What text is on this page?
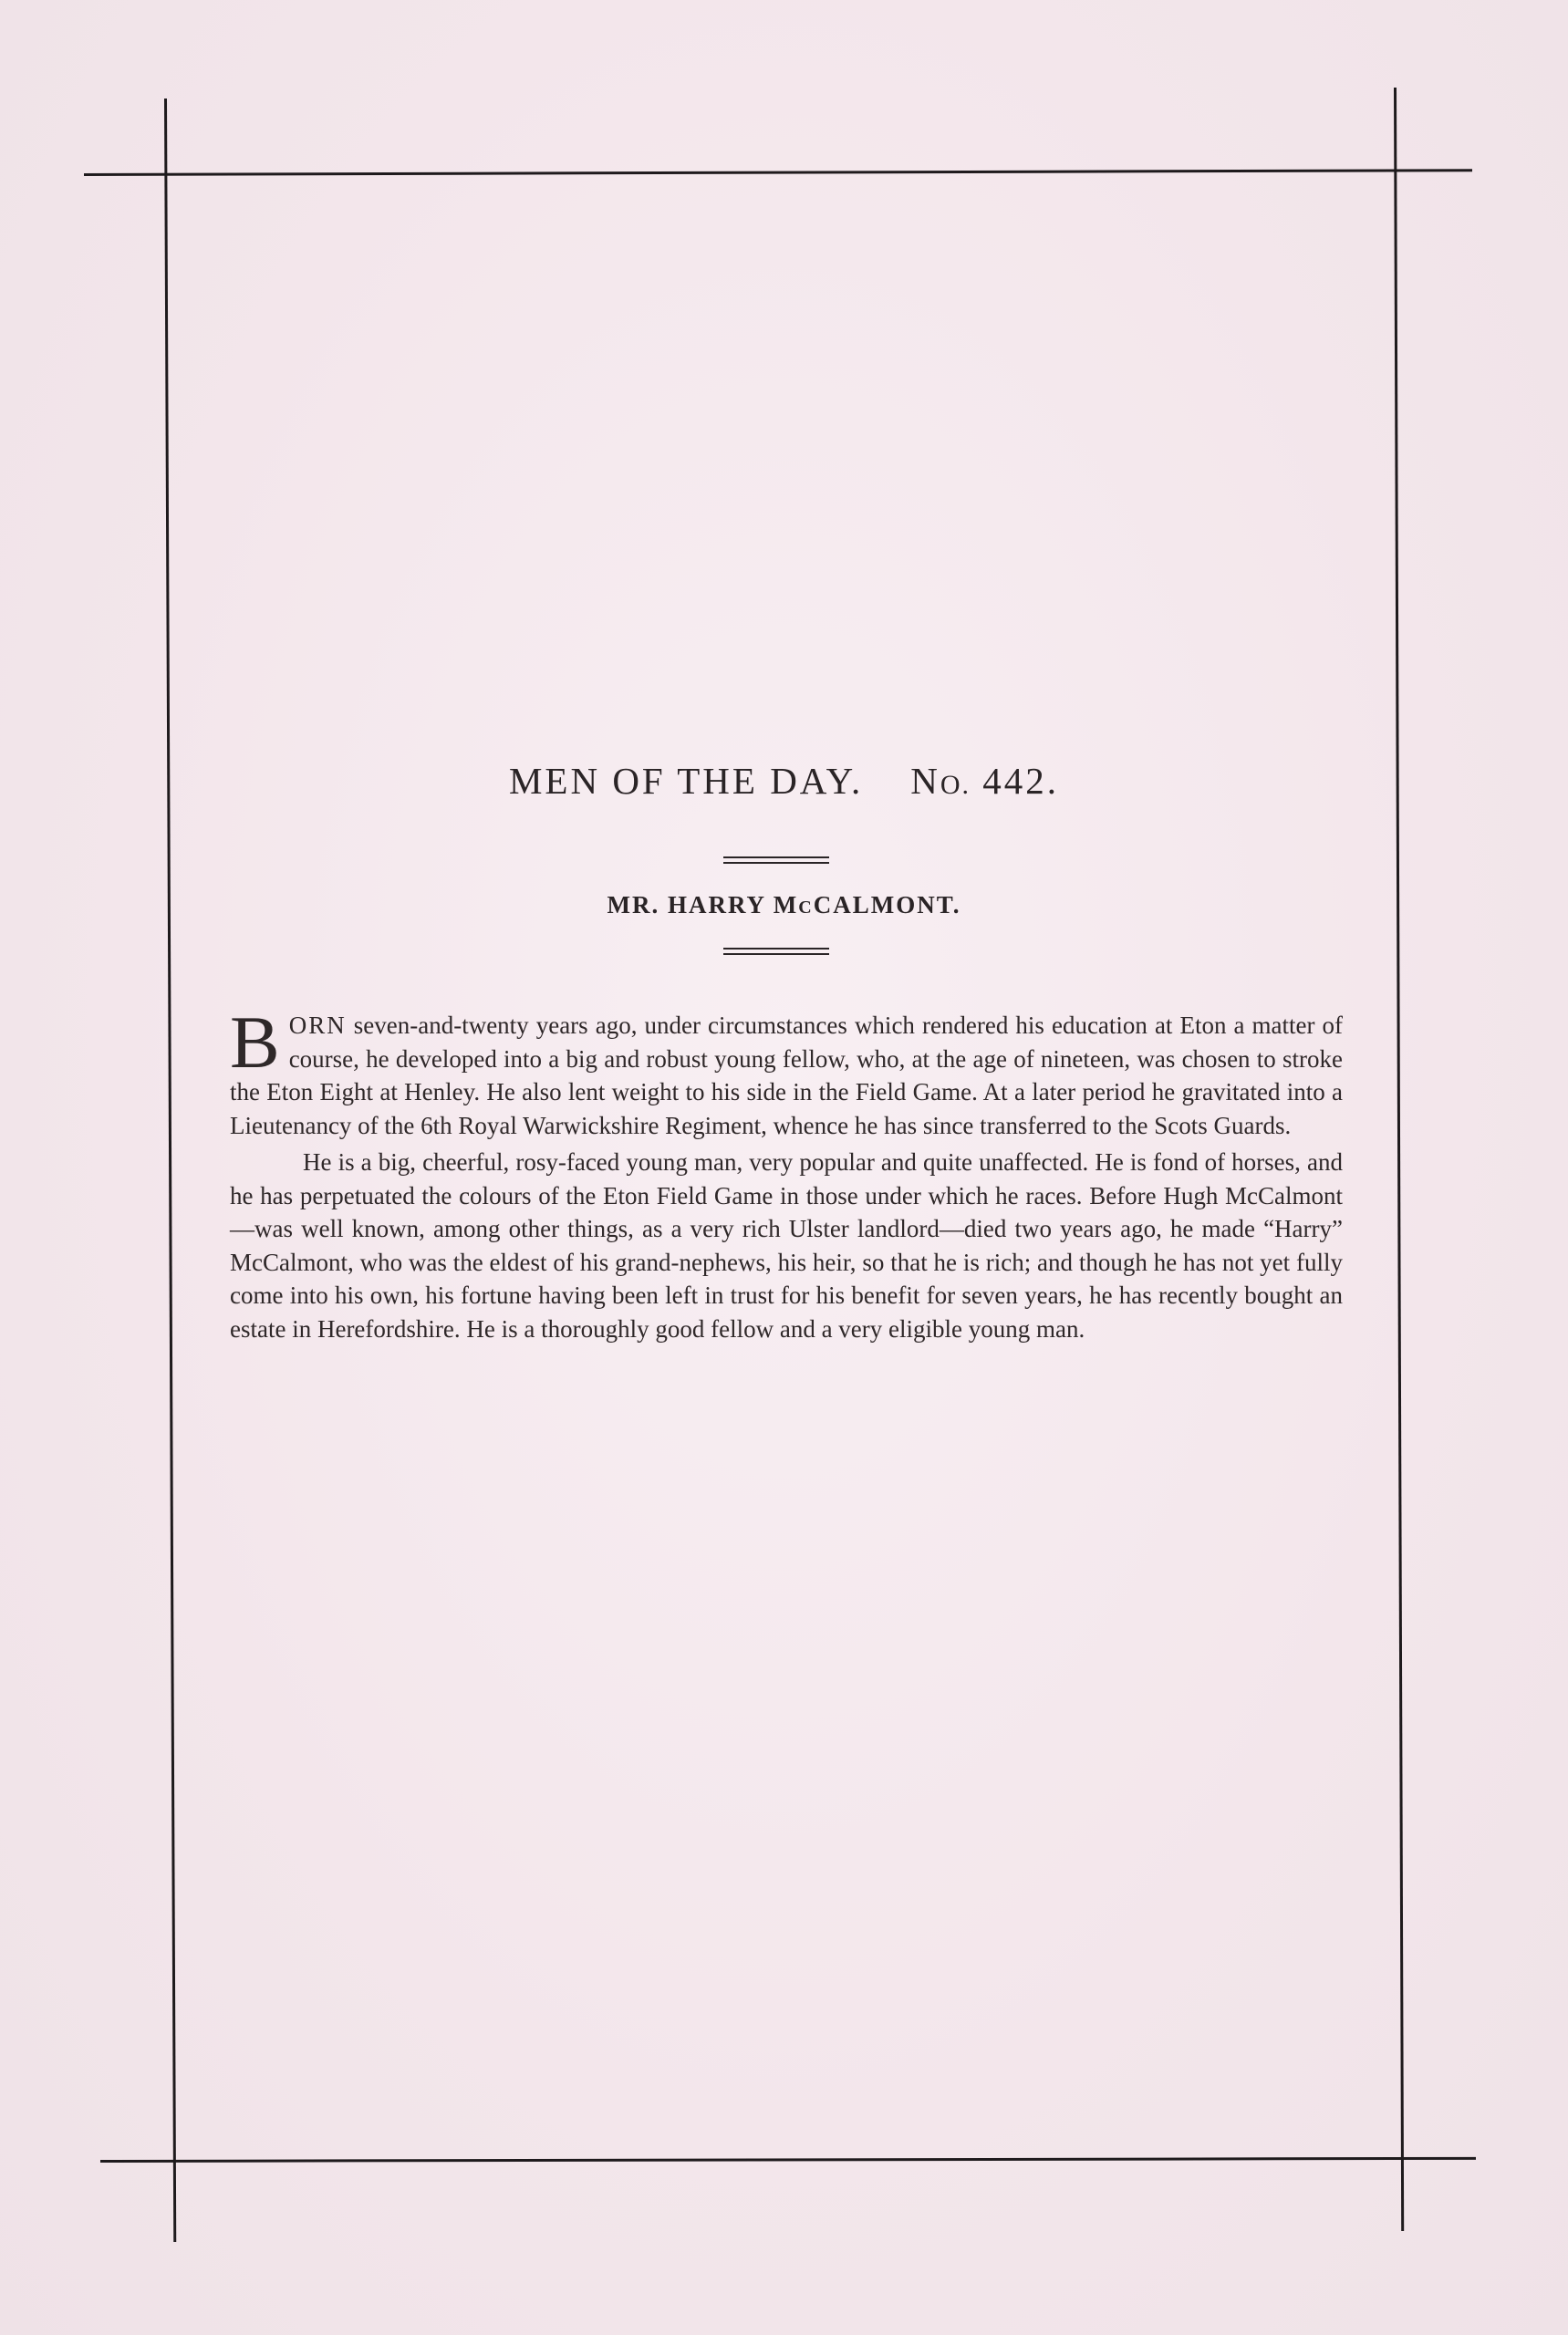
MEN OF THE DAY. NO. 442.
MR. HARRY MCCALMONT.

BORN seven-and-twenty years ago, under circumstances which rendered his education at Eton a matter of course, he developed into a big and robust young fellow, who, at the age of nineteen, was chosen to stroke the Eton Eight at Henley. He also lent weight to his side in the Field Game. At a later period he gravitated into a Lieutenancy of the 6th Royal Warwickshire Regiment, whence he has since transferred to the Scots Guards.

He is a big, cheerful, rosy-faced young man, very popular and quite unaffected. He is fond of horses, and he has perpetuated the colours of the Eton Field Game in those under which he races. Before Hugh McCalmont—was well known, among other things, as a very rich Ulster landlord—died two years ago, he made “Harry” McCalmont, who was the eldest of his grand-nephews, his heir, so that he is rich; and though he has not yet fully come into his own, his fortune having been left in trust for his benefit for seven years, he has recently bought an estate in Herefordshire. He is a thoroughly good fellow and a very eligible young man.
